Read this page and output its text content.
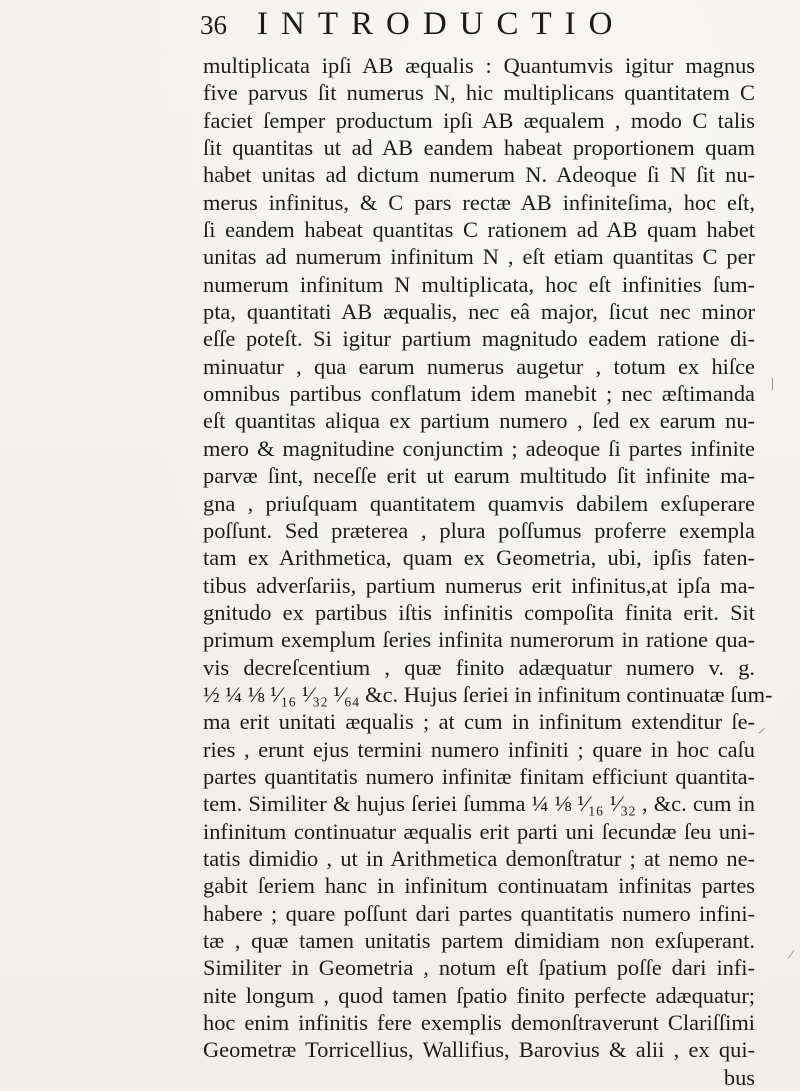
36 INTRODUCTIO
multiplicata ipſi AB æqualis : Quantumvis igitur magnus
five parvus ſit numerus N, hic multiplicans quantitatem C
faciet ſemper productum ipſi AB æqualem , modo C talis
ſit quantitas ut ad AB eandem habeat proportionem quam
habet unitas ad dictum numerum N. Adeoque ſi N ſit nu-
merus infinitus, & C pars rectæ AB infiniteſima, hoc eſt,
ſi eandem habeat quantitas C rationem ad AB quam habet
unitas ad numerum infinitum N , eſt etiam quantitas C per
numerum infinitum N multiplicata, hoc eſt infinities ſum-
pta, quantitati AB æqualis, nec eâ major, ſicut nec minor
eſſe poteſt. Si igitur partium magnitudo eadem ratione di-
minuatur , qua earum numerus augetur , totum ex hiſce
omnibus partibus conflatum idem manebit ; nec æſtimanda
eſt quantitas aliqua ex partium numero , ſed ex earum nu-
mero & magnitudine conjunctim ; adeoque ſi partes infinite
parvæ ſint, neceſſe erit ut earum multitudo ſit infinite ma-
gna , priuſquam quantitatem quamvis dabilem exſuperare
poſſunt. Sed præterea , plura poſſumus proferre exempla
tam ex Arithmetica, quam ex Geometria, ubi, ipſis faten-
tibus adverſariis, partium numerus erit infinitus,at ipſa ma-
gnitudo ex partibus iſtis infinitis compoſita finita erit. Sit
primum exemplum ſeries infinita numerorum in ratione qua-
vis decreſcentium , quæ finito adæquatur numero v. g.
½ ¼ ⅛ ¹⁄₁₆ ¹⁄₃₂ ¹⁄₆₄ &c. Hujus ſeriei in infinitum continuatæ ſum-
ma erit unitati æqualis ; at cum in infinitum extenditur ſe-
ries , erunt ejus termini numero infiniti ; quare in hoc caſu
partes quantitatis numero infinitæ finitam efficiunt quantita-
tem. Similiter & hujus ſeriei ſumma ¼ ⅛ ¹⁄₁₆ ¹⁄₃₂ , &c. cum in
infinitum continuatur æqualis erit parti uni ſecundæ ſeu uni-
tatis dimidio , ut in Arithmetica demonſtratur ; at nemo ne-
gabit ſeriem hanc in infinitum continuatam infinitas partes
habere ; quare poſſunt dari partes quantitatis numero infini-
tæ , quæ tamen unitatis partem dimidiam non exſuperant.
Similiter in Geometria , notum eſt ſpatium poſſe dari infi-
nite longum , quod tamen ſpatio finito perfecte adæquatur;
hoc enim infinitis fere exemplis demonſtraverunt Clariſſimi
Geometræ Torricellius, Wallifius, Barovius & alii , ex qui-
bus
